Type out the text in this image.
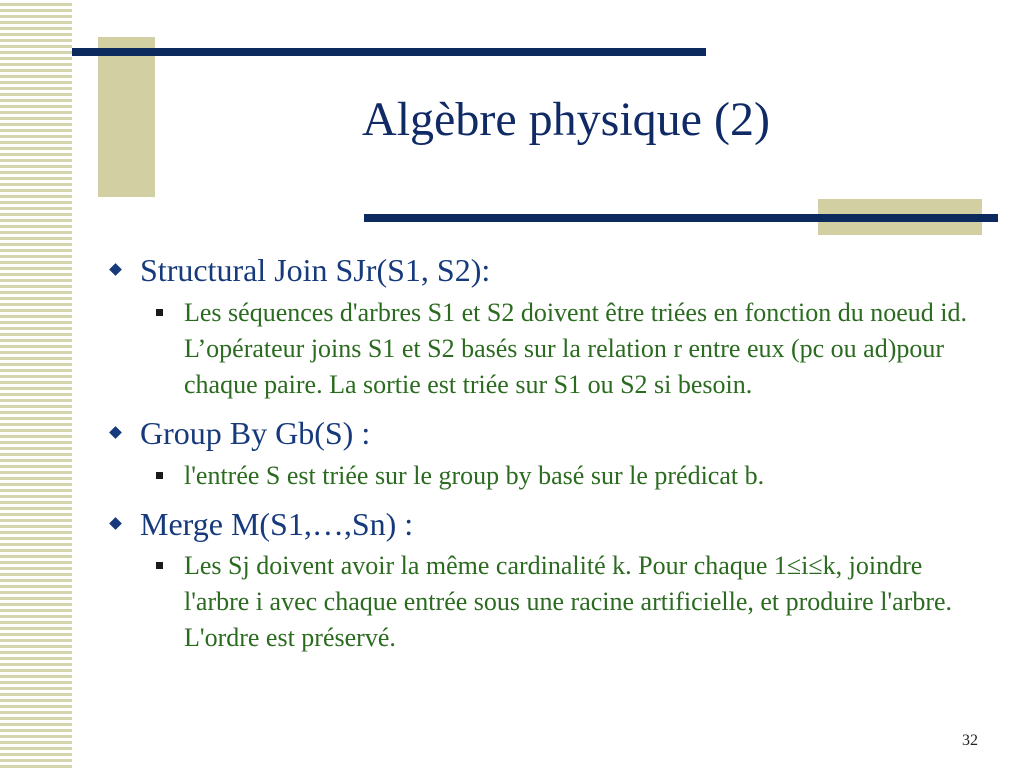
Algèbre physique (2)
Structural Join SJr(S1, S2):
Les séquences d'arbres S1 et S2 doivent être triées en fonction du noeud id. L’opérateur joins S1 et S2 basés sur la relation r entre eux (pc ou ad)pour chaque paire. La sortie est triée sur S1 ou S2 si besoin.
Group By Gb(S) :
l'entrée S est triée sur le group by basé sur le prédicat b.
Merge M(S1,…,Sn) :
Les Sj doivent avoir la même cardinalité k. Pour chaque 1≤i≤k, joindre l'arbre i avec chaque entrée sous une racine artificielle, et produire l'arbre. L'ordre est préservé.
32
